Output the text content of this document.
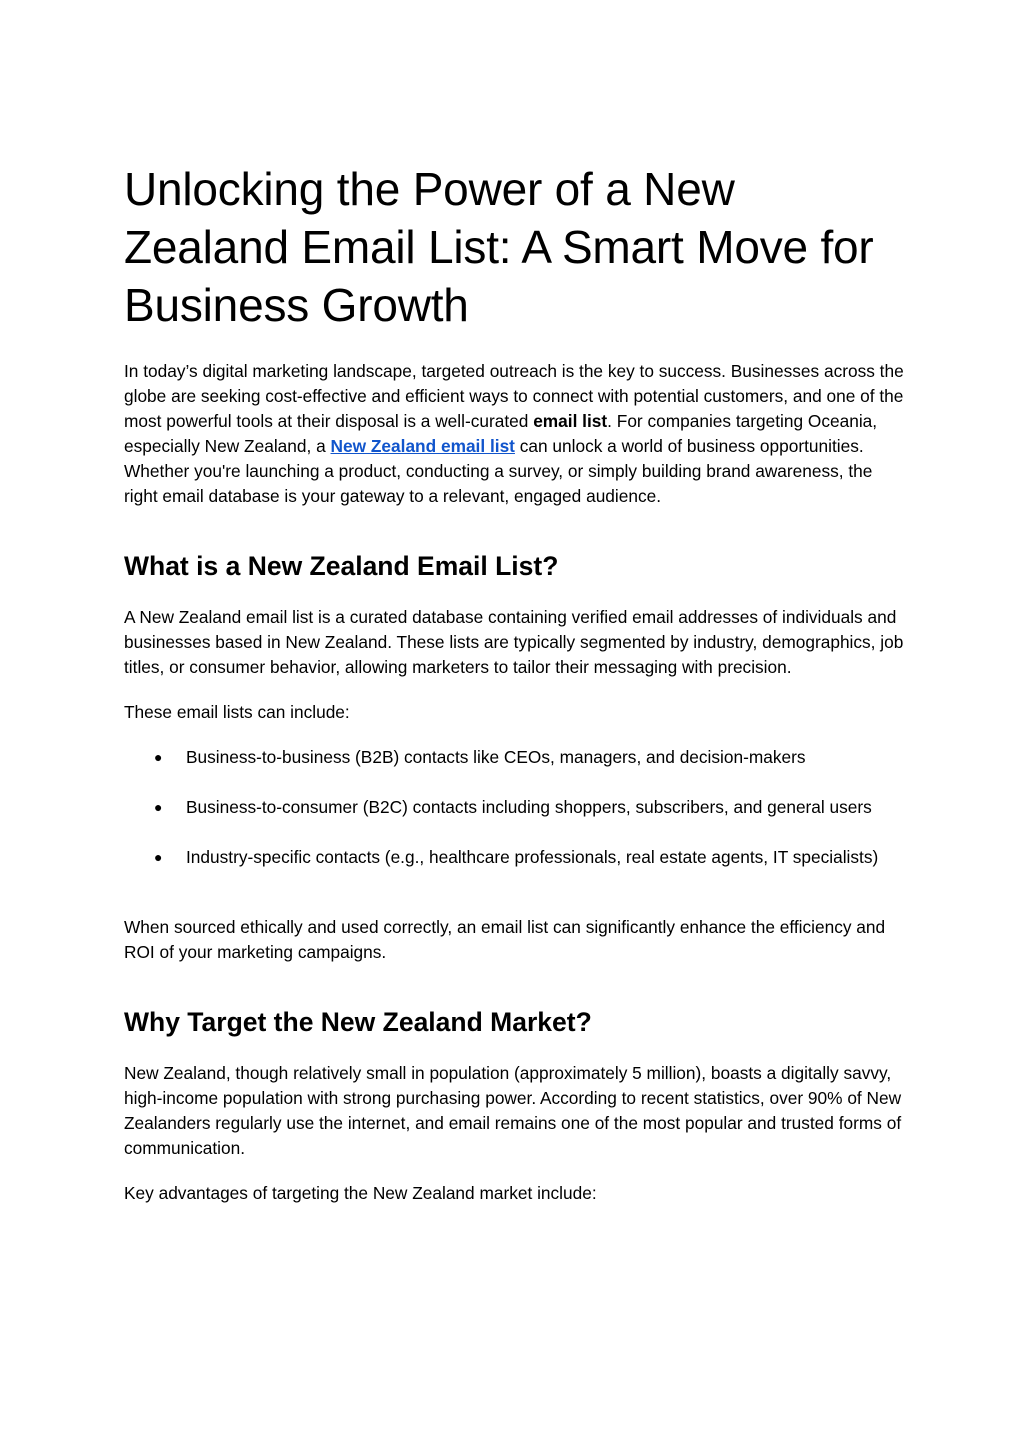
Unlocking the Power of a New Zealand Email List: A Smart Move for Business Growth

In today’s digital marketing landscape, targeted outreach is the key to success. Businesses across the globe are seeking cost-effective and efficient ways to connect with potential customers, and one of the most powerful tools at their disposal is a well-curated email list. For companies targeting Oceania, especially New Zealand, a New Zealand email list can unlock a world of business opportunities. Whether you're launching a product, conducting a survey, or simply building brand awareness, the right email database is your gateway to a relevant, engaged audience.

What is a New Zealand Email List?

A New Zealand email list is a curated database containing verified email addresses of individuals and businesses based in New Zealand. These lists are typically segmented by industry, demographics, job titles, or consumer behavior, allowing marketers to tailor their messaging with precision.

These email lists can include:

● Business-to-business (B2B) contacts like CEOs, managers, and decision-makers
● Business-to-consumer (B2C) contacts including shoppers, subscribers, and general users
● Industry-specific contacts (e.g., healthcare professionals, real estate agents, IT specialists)

When sourced ethically and used correctly, an email list can significantly enhance the efficiency and ROI of your marketing campaigns.

Why Target the New Zealand Market?

New Zealand, though relatively small in population (approximately 5 million), boasts a digitally savvy, high-income population with strong purchasing power. According to recent statistics, over 90% of New Zealanders regularly use the internet, and email remains one of the most popular and trusted forms of communication.

Key advantages of targeting the New Zealand market include:
